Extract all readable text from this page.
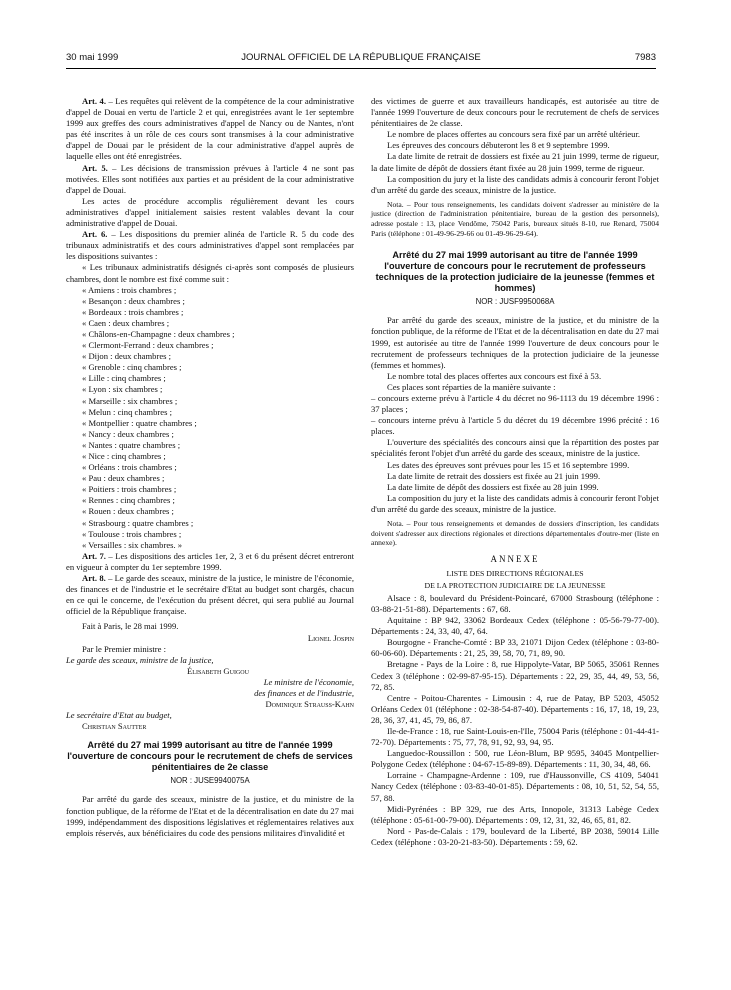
30 mai 1999	JOURNAL OFFICIEL DE LA RÉPUBLIQUE FRANÇAISE	7983

Art. 4. – Les requêtes qui relèvent de la compétence de la cour administrative d'appel de Douai en vertu de l'article 2 et qui, enregistrées avant le 1er septembre 1999 aux greffes des cours administratives d'appel de Nancy ou de Nantes, n'ont pas été inscrites à un rôle de ces cours sont transmises à la cour administrative d'appel de Douai par le président de la cour administrative d'appel auprès de laquelle elles ont été enregistrées.

Art. 5. – Les décisions de transmission prévues à l'article 4 ne sont pas motivées. Elles sont notifiées aux parties et au président de la cour administrative d'appel de Douai.

Les actes de procédure accomplis régulièrement devant les cours administratives d'appel initialement saisies restent valables devant la cour administrative d'appel de Douai.

Art. 6. – Les dispositions du premier alinéa de l'article R. 5 du code des tribunaux administratifs et des cours administratives d'appel sont remplacées par les dispositions suivantes :

« Les tribunaux administratifs désignés ci-après sont composés de plusieurs chambres, dont le nombre est fixé comme suit :

« Amiens : trois chambres ;

« Besançon : deux chambres ;

« Bordeaux : trois chambres ;

« Caen : deux chambres ;

« Châlons-en-Champagne : deux chambres ;

« Clermont-Ferrand : deux chambres ;

« Dijon : deux chambres ;

« Grenoble : cinq chambres ;

« Lille : cinq chambres ;

« Lyon : six chambres ;

« Marseille : six chambres ;

« Melun : cinq chambres ;

« Montpellier : quatre chambres ;

« Nancy : deux chambres ;

« Nantes : quatre chambres ;

« Nice : cinq chambres ;

« Orléans : trois chambres ;

« Pau : deux chambres ;

« Poitiers : trois chambres ;

« Rennes : cinq chambres ;

« Rouen : deux chambres ;

« Strasbourg : quatre chambres ;

« Toulouse : trois chambres ;

« Versailles : six chambres. »

Art. 7. – Les dispositions des articles 1er, 2, 3 et 6 du présent décret entreront en vigueur à compter du 1er septembre 1999.

Art. 8. – Le garde des sceaux, ministre de la justice, le ministre de l'économie, des finances et de l'industrie et le secrétaire d'Etat au budget sont chargés, chacun en ce qui le concerne, de l'exécution du présent décret, qui sera publié au Journal officiel de la République française.

Fait à Paris, le 28 mai 1999.

Lionel Jospin

Par le Premier ministre :

Le garde des sceaux, ministre de la justice,

Élisabeth Guigou

Le ministre de l'économie,

des finances et de l'industrie,

Dominique Strauss-Kahn

Le secrétaire d'Etat au budget,

Christian Sautter

Arrêté du 27 mai 1999 autorisant au titre de l'année 1999 l'ouverture de concours pour le recrutement de chefs de services pénitentiaires de 2e classe

NOR : JUSE9940075A

Par arrêté du garde des sceaux, ministre de la justice, et du ministre de la fonction publique, de la réforme de l'Etat et de la décentralisation en date du 27 mai 1999, indépendamment des dispositions législatives et réglementaires relatives aux emplois réservés, aux bénéficiaires du code des pensions militaires d'invalidité et

des victimes de guerre et aux travailleurs handicapés, est autorisée au titre de l'année 1999 l'ouverture de deux concours pour le recrutement de chefs de services pénitentiaires de 2e classe.

Le nombre de places offertes au concours sera fixé par un arrêté ultérieur.

Les épreuves des concours débuteront les 8 et 9 septembre 1999.

La date limite de retrait de dossiers est fixée au 21 juin 1999, terme de rigueur, la date limite de dépôt de dossiers étant fixée au 28 juin 1999, terme de rigueur.

La composition du jury et la liste des candidats admis à concourir feront l'objet d'un arrêté du garde des sceaux, ministre de la justice.

Nota. – Pour tous renseignements, les candidats doivent s'adresser au ministère de la justice (direction de l'administration pénitentiaire, bureau de la gestion des personnels), adresse postale : 13, place Vendôme, 75042 Paris, bureaux situés 8-10, rue Renard, 75004 Paris (téléphone : 01-49-96-29-66 ou 01-49-96-29-64).

Arrêté du 27 mai 1999 autorisant au titre de l'année 1999 l'ouverture de concours pour le recrutement de professeurs techniques de la protection judiciaire de la jeunesse (femmes et hommes)

NOR : JUSF9950068A

Par arrêté du garde des sceaux, ministre de la justice, et du ministre de la fonction publique, de la réforme de l'Etat et de la décentralisation en date du 27 mai 1999, est autorisée au titre de l'année 1999 l'ouverture de deux concours pour le recrutement de professeurs techniques de la protection judiciaire de la jeunesse (femmes et hommes).

Le nombre total des places offertes aux concours est fixé à 53.

Ces places sont réparties de la manière suivante :

– concours externe prévu à l'article 4 du décret no 96-1113 du 19 décembre 1996 : 37 places ;

– concours interne prévu à l'article 5 du décret du 19 décembre 1996 précité : 16 places.

L'ouverture des spécialités des concours ainsi que la répartition des postes par spécialités feront l'objet d'un arrêté du garde des sceaux, ministre de la justice.

Les dates des épreuves sont prévues pour les 15 et 16 septembre 1999.

La date limite de retrait des dossiers est fixée au 21 juin 1999.

La date limite de dépôt des dossiers est fixée au 28 juin 1999.

La composition du jury et la liste des candidats admis à concourir feront l'objet d'un arrêté du garde des sceaux, ministre de la justice.

Nota. – Pour tous renseignements et demandes de dossiers d'inscription, les candidats doivent s'adresser aux directions régionales et directions départementales d'outre-mer (liste en annexe).

ANNEXE

LISTE DES DIRECTIONS RÉGIONALES

DE LA PROTECTION JUDICIAIRE DE LA JEUNESSE

Alsace : 8, boulevard du Président-Poincaré, 67000 Strasbourg (téléphone : 03-88-21-51-88). Départements : 67, 68.

Aquitaine : BP 942, 33062 Bordeaux Cedex (téléphone : 05-56-79-77-00). Départements : 24, 33, 40, 47, 64.

Bourgogne - Franche-Comté : BP 33, 21071 Dijon Cedex (téléphone : 03-80-60-06-60). Départements : 21, 25, 39, 58, 70, 71, 89, 90.

Bretagne - Pays de la Loire : 8, rue Hippolyte-Vatar, BP 5065, 35061 Rennes Cedex 3 (téléphone : 02-99-87-95-15). Départements : 22, 29, 35, 44, 49, 53, 56, 72, 85.

Centre - Poitou-Charentes - Limousin : 4, rue de Patay, BP 5203, 45052 Orléans Cedex 01 (téléphone : 02-38-54-87-40). Départements : 16, 17, 18, 19, 23, 28, 36, 37, 41, 45, 79, 86, 87.

Ile-de-France : 18, rue Saint-Louis-en-l'Ile, 75004 Paris (téléphone : 01-44-41-72-70). Départements : 75, 77, 78, 91, 92, 93, 94, 95.

Languedoc-Roussillon : 500, rue Léon-Blum, BP 9595, 34045 Montpellier-Polygone Cedex (téléphone : 04-67-15-89-89). Départements : 11, 30, 34, 48, 66.

Lorraine - Champagne-Ardenne : 109, rue d'Haussonville, CS 4109, 54041 Nancy Cedex (téléphone : 03-83-40-01-85). Départements : 08, 10, 51, 52, 54, 55, 57, 88.

Midi-Pyrénées : BP 329, rue des Arts, Innopole, 31313 Labège Cedex (téléphone : 05-61-00-79-00). Départements : 09, 12, 31, 32, 46, 65, 81, 82.

Nord - Pas-de-Calais : 179, boulevard de la Liberté, BP 2038, 59014 Lille Cedex (téléphone : 03-20-21-83-50). Départements : 59, 62.
